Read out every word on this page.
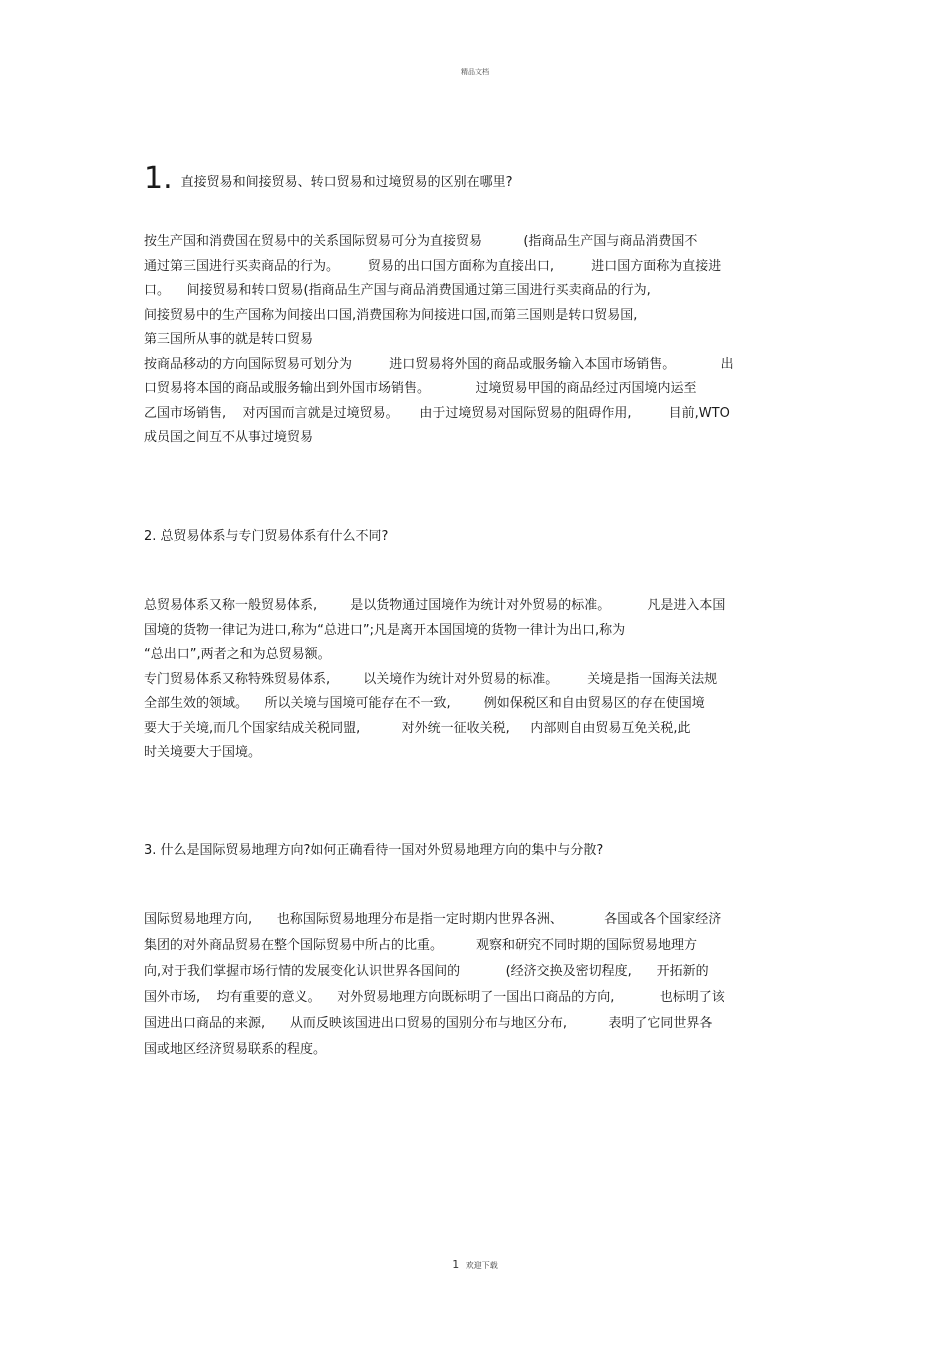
精品文档
1. 直接贸易和间接贸易、转口贸易和过境贸易的区别在哪里?
按生产国和消费国在贸易中的关系国际贸易可分为直接贸易          (指商品生产国与商品消费国不
通过第三国进行买卖商品的行为。       贸易的出口国方面称为直接出口,         进口国方面称为直接进
口。    间接贸易和转口贸易(指商品生产国与商品消费国通过第三国进行买卖商品的行为,
间接贸易中的生产国称为间接出口国,消费国称为间接进口国,而第三国则是转口贸易国,
第三国所从事的就是转口贸易
按商品移动的方向国际贸易可划分为         进口贸易将外国的商品或服务输入本国市场销售。           出
口贸易将本国的商品或服务输出到外国市场销售。           过境贸易甲国的商品经过丙国境内运至
乙国市场销售,    对丙国而言就是过境贸易。     由于过境贸易对国际贸易的阻碍作用,         目前,WTO
成员国之间互不从事过境贸易
2. 总贸易体系与专门贸易体系有什么不同?
总贸易体系又称一般贸易体系,        是以货物通过国境作为统计对外贸易的标准。         凡是进入本国
国境的货物一律记为进口,称为“总进口”;凡是离开本国国境的货物一律计为出口,称为
“总出口”,两者之和为总贸易额。
专门贸易体系又称特殊贸易体系,        以关境作为统计对外贸易的标准。       关境是指一国海关法规
全部生效的领域。    所以关境与国境可能存在不一致,        例如保税区和自由贸易区的存在使国境
要大于关境,而几个国家结成关税同盟,          对外统一征收关税,     内部则自由贸易互免关税,此
时关境要大于国境。
3. 什么是国际贸易地理方向?如何正确看待一国对外贸易地理方向的集中与分散?
国际贸易地理方向,      也称国际贸易地理分布是指一定时期内世界各洲、          各国或各个国家经济
集团的对外商品贸易在整个国际贸易中所占的比重。        观察和研究不同时期的国际贸易地理方
向,对于我们掌握市场行情的发展变化认识世界各国间的           (经济交换及密切程度,      开拓新的
国外市场,    均有重要的意义。    对外贸易地理方向既标明了一国出口商品的方向,           也标明了该
国进出口商品的来源,      从而反映该国进出口贸易的国别分布与地区分布,          表明了它同世界各
国或地区经济贸易联系的程度。
1 欢迎下载
